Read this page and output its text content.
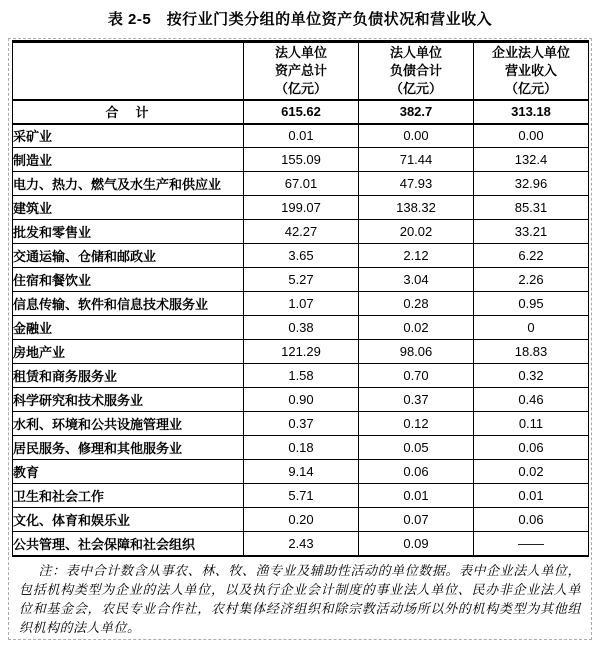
表 2-5　按行业门类分组的单位资产负债状况和营业收入

	法人单位
资产总计
（亿元）	法人单位
负债合计
（亿元）	企业法人单位
营业收入
（亿元）

合　计	615.62	382.7	313.18
采矿业	0.01	0.00	0.00
制造业	155.09	71.44	132.4
电力、热力、燃气及水生产和供应业	67.01	47.93	32.96
建筑业	199.07	138.32	85.31
批发和零售业	42.27	20.02	33.21
交通运输、仓储和邮政业	3.65	2.12	6.22
住宿和餐饮业	5.27	3.04	2.26
信息传输、软件和信息技术服务业	1.07	0.28	0.95
金融业	0.38	0.02	0
房地产业	121.29	98.06	18.83
租赁和商务服务业	1.58	0.70	0.32
科学研究和技术服务业	0.90	0.37	0.46
水利、环境和公共设施管理业	0.37	0.12	0.11
居民服务、修理和其他服务业	0.18	0.05	0.06
教育	9.14	0.06	0.02
卫生和社会工作	5.71	0.01	0.01
文化、体育和娱乐业	0.20	0.07	0.06
公共管理、社会保障和社会组织	2.43	0.09	——
注：表中合计数含从事农、林、牧、渔专业及辅助性活动的单位数据。表中企业法人单位，包括机构类型为企业的法人单位，以及执行企业会计制度的事业法人单位、民办非企业法人单位和基金会，农民专业合作社，农村集体经济组织和除宗教活动场所以外的机构类型为其他组织机构的法人单位。
